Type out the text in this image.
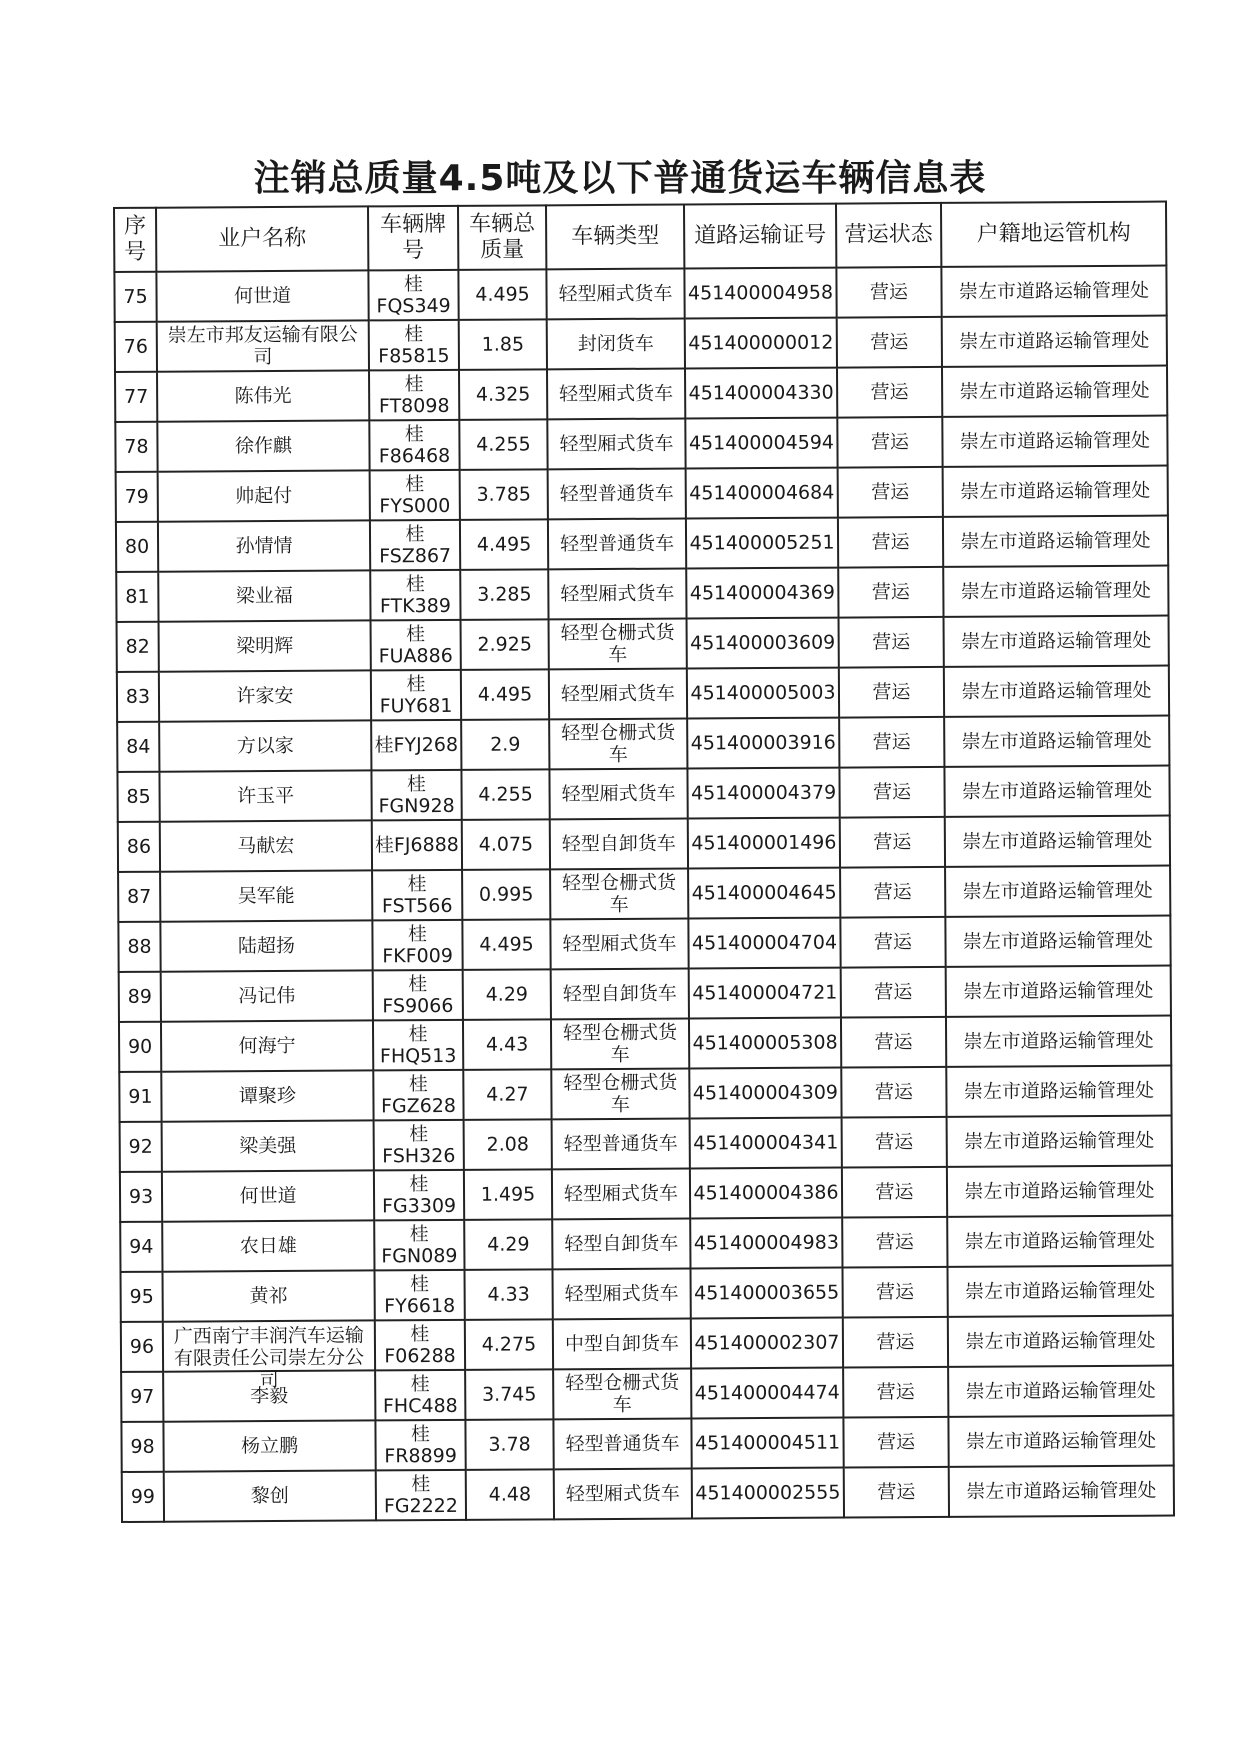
注销总质量4.5吨及以下普通货运车辆信息表
序号	业户名称	车辆牌号	车辆总质量	车辆类型	道路运输证号	营运状态	户籍地运管机构
75	何世道	桂FQS349	4.495	轻型厢式货车	451400004958	营运	崇左市道路运输管理处
76	崇左市邦友运输有限公司	桂F85815	1.85	封闭货车	451400000012	营运	崇左市道路运输管理处
77	陈伟光	桂FT8098	4.325	轻型厢式货车	451400004330	营运	崇左市道路运输管理处
78	徐作麒	桂F86468	4.255	轻型厢式货车	451400004594	营运	崇左市道路运输管理处
79	帅起付	桂FYS000	3.785	轻型普通货车	451400004684	营运	崇左市道路运输管理处
80	孙情情	桂FSZ867	4.495	轻型普通货车	451400005251	营运	崇左市道路运输管理处
81	梁业福	桂FTK389	3.285	轻型厢式货车	451400004369	营运	崇左市道路运输管理处
82	梁明辉	桂FUA886	2.925	轻型仓栅式货车	451400003609	营运	崇左市道路运输管理处
83	许家安	桂FUY681	4.495	轻型厢式货车	451400005003	营运	崇左市道路运输管理处
84	方以家	桂FYJ268	2.9	轻型仓栅式货车	451400003916	营运	崇左市道路运输管理处
85	许玉平	桂FGN928	4.255	轻型厢式货车	451400004379	营运	崇左市道路运输管理处
86	马献宏	桂FJ6888	4.075	轻型自卸货车	451400001496	营运	崇左市道路运输管理处
87	吴军能	桂FST566	0.995	轻型仓栅式货车	451400004645	营运	崇左市道路运输管理处
88	陆超扬	桂FKF009	4.495	轻型厢式货车	451400004704	营运	崇左市道路运输管理处
89	冯记伟	桂FS9066	4.29	轻型自卸货车	451400004721	营运	崇左市道路运输管理处
90	何海宁	桂FHQ513	4.43	轻型仓栅式货车	451400005308	营运	崇左市道路运输管理处
91	谭聚珍	桂FGZ628	4.27	轻型仓栅式货车	451400004309	营运	崇左市道路运输管理处
92	梁美强	桂FSH326	2.08	轻型普通货车	451400004341	营运	崇左市道路运输管理处
93	何世道	桂FG3309	1.495	轻型厢式货车	451400004386	营运	崇左市道路运输管理处
94	农日雄	桂FGN089	4.29	轻型自卸货车	451400004983	营运	崇左市道路运输管理处
95	黄祁	桂FY6618	4.33	轻型厢式货车	451400003655	营运	崇左市道路运输管理处
96	广西南宁丰润汽车运输有限责任公司崇左分公司	桂F06288	4.275	中型自卸货车	451400002307	营运	崇左市道路运输管理处
97	李毅	桂FHC488	3.745	轻型仓栅式货车	451400004474	营运	崇左市道路运输管理处
98	杨立鹏	桂FR8899	3.78	轻型普通货车	451400004511	营运	崇左市道路运输管理处
99	黎创	桂FG2222	4.48	轻型厢式货车	451400002555	营运	崇左市道路运输管理处
